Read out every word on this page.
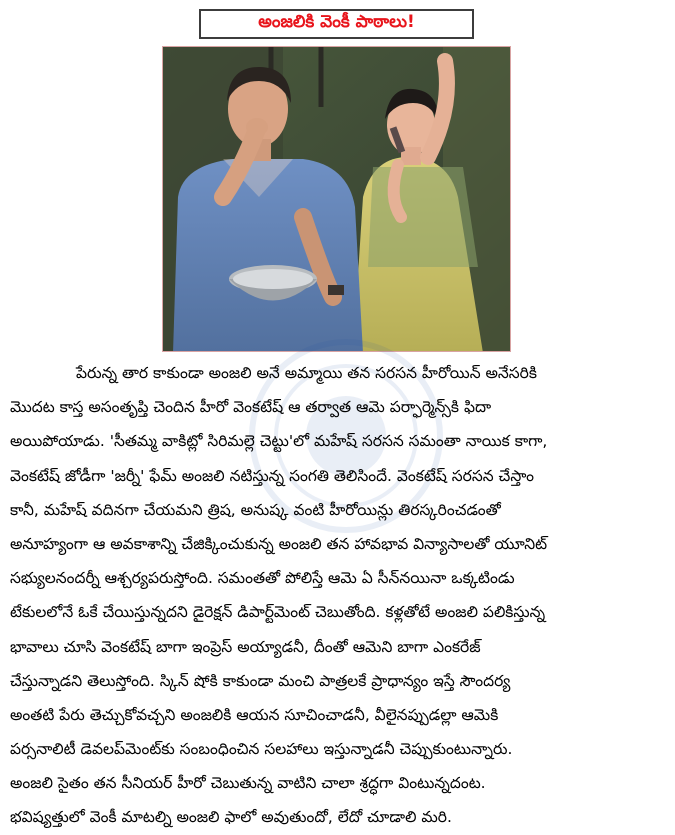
అంజలికి వెంకీ పాఠాలు!
పేరున్న తార కాకుండా అంజలి అనే అమ్మాయి తన సరసన హీరోయిన్ అనేసరికి
మొదట కాస్త అసంతృప్తి చెందిన హీరో వెంకటేష్ ఆ తర్వాత ఆమె పర్ఫార్మెన్స్‌కి ఫిదా
అయిపోయాడు. 'సీతమ్మ వాకిట్లో సిరిమల్లె చెట్టు'లో మహేష్ సరసన సమంతా నాయిక కాగా,
వెంకటేష్ జోడీగా 'జర్నీ' ఫేమ్ అంజలి నటిస్తున్న సంగతి తెలిసిందే. వెంకటేష్ సరసన చేస్తాం
కానీ, మహేష్ వదినగా చేయమని త్రిష, అనుష్క వంటి హీరోయిన్లు తిరస్కరించడంతో
అనూహ్యంగా ఆ అవకాశాన్ని చేజిక్కించుకున్న అంజలి తన హావభావ విన్యాసాలతో యూనిట్
సభ్యులనందర్నీ ఆశ్చర్యపరుస్తోంది. సమంతతో పోలిస్తే ఆమె ఏ సీన్‌నయినా ఒక్కటిండు
టేకులలోనే ఓకే చేయిస్తున్నదని డైరెక్షన్ డిపార్ట్‌మెంట్ చెబుతోంది. కళ్లతోటే అంజలి పలికిస్తున్న
భావాలు చూసి వెంకటేష్ బాగా ఇంప్రెస్ అయ్యాడనీ, దీంతో ఆమెని బాగా ఎంకరేజ్
చేస్తున్నాడని తెలుస్తోంది. స్కిన్ షోకి కాకుండా మంచి పాత్రలకే ప్రాధాన్యం ఇస్తే సౌందర్య
అంతటి పేరు తెచ్చుకోవచ్చని అంజలికి ఆయన సూచించాడనీ, వీలైనప్పుడల్లా ఆమెకి
పర్సనాలిటీ డెవలప్‌మెంట్‌కు సంబంధించిన సలహాలు ఇస్తున్నాడనీ చెప్పుకుంటున్నారు.
అంజలి సైతం తన సీనియర్ హీరో చెబుతున్న వాటిని చాలా శ్రద్ధగా వింటున్నదంట.
భవిష్యత్తులో వెంకీ మాటల్ని అంజలి ఫాలో అవుతుందో, లేదో చూడాలి మరి.
